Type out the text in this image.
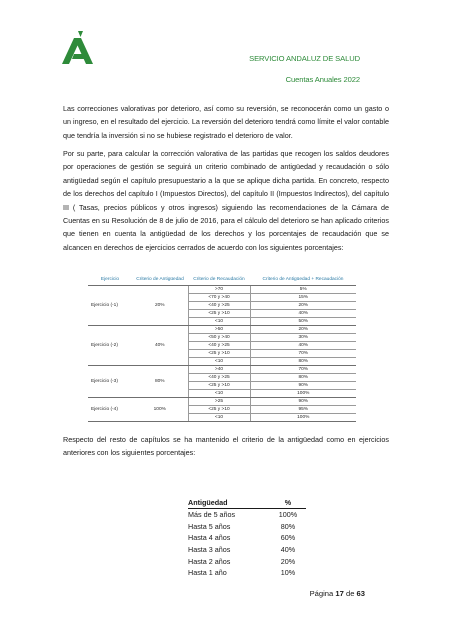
SERVICIO ANDALUZ DE SALUD
Cuentas Anuales 2022

Las correcciones valorativas por deterioro, así como su reversión, se reconocerán como un gasto o un ingreso, en el resultado del ejercicio. La reversión del deterioro tendrá como límite el valor contable que tendría la inversión si no se hubiese registrado el deterioro de valor.

Por su parte, para calcular la corrección valorativa de las partidas que recogen los saldos deudores por operaciones de gestión se seguirá un criterio combinado de antigüedad y recaudación o sólo antigüedad según el capítulo presupuestario a la que se aplique dicha partida. En concreto, respecto de los derechos del capítulo I (Impuestos Directos), del capítulo II (Impuestos Indirectos), del capítulo III ( Tasas, precios públicos y otros ingresos) siguiendo las recomendaciones de la Cámara de Cuentas en su Resolución de 8 de julio de 2016, para el cálculo del deterioro se han aplicado criterios que tienen en cuenta la antigüedad de los derechos y los porcentajes de recaudación que se alcancen en derechos de ejercicios cerrados de acuerdo con los siguientes porcentajes:

Ejercicio	Criterio de Antigüedad	Criterio de Recaudación	Criterio de Antigüedad + Recaudación
Ejercicio (-1)	20%	>70	5%
		<70 y >40	15%
		<40 y >25	20%
		<25 y >10	40%
		<10	50%
Ejercicio (-2)	40%	>50	20%
		<50 y >40	30%
		<40 y >25	40%
		<25 y >10	70%
		<10	80%
Ejercicio (-3)	80%	>40	70%
		<40 y >25	80%
		<25 y >10	90%
		<10	100%
Ejercicio (-4)	100%	>25	90%
		<25 y >10	95%
		<10	100%

Respecto del resto de capítulos se ha mantenido el criterio de la antigüedad como en ejercicios anteriores con los siguientes porcentajes:

Antigüedad	%
Más de 5 años	100%
Hasta 5 años	80%
Hasta 4 años	60%
Hasta 3 años	40%
Hasta 2 años	20%
Hasta 1 año	10%
Página 17 de 63
